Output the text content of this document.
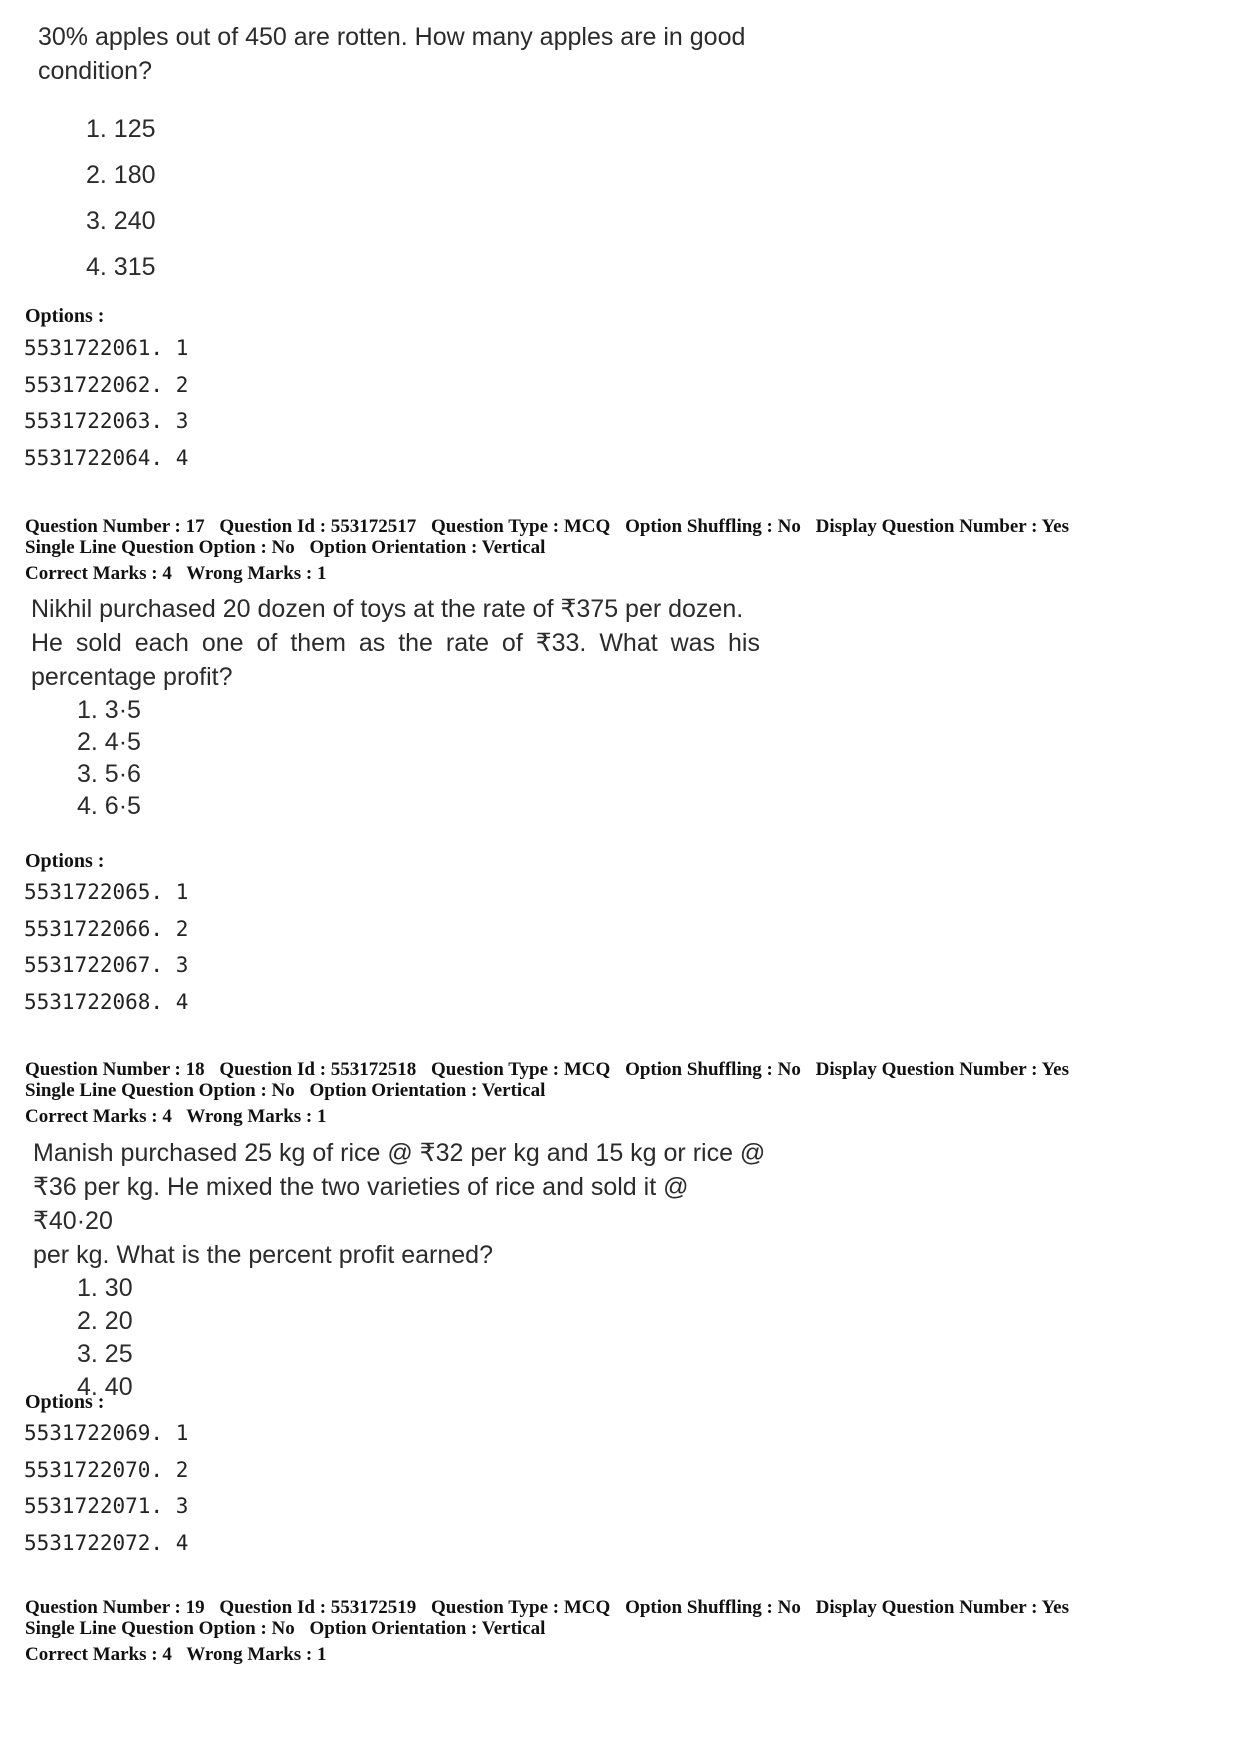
30% apples out of 450 are rotten. How many apples are in good

condition?

1. 125
2. 180
3. 240
4. 315
Options :
5531722061. 1
5531722062. 2
5531722063. 3
5531722064. 4
Question Number : 17 Question Id : 553172517 Question Type : MCQ Option Shuffling : No Display Question Number : Yes
Single Line Question Option : No Option Orientation : Vertical
Correct Marks : 4 Wrong Marks : 1

Nikhil purchased 20 dozen of toys at the rate of ₹375 per dozen.

He sold each one of them as the rate of ₹33. What was his

percentage profit?

1. 3·5
2. 4·5
3. 5·6
4. 6·5
Options :
5531722065. 1
5531722066. 2
5531722067. 3
5531722068. 4
Question Number : 18 Question Id : 553172518 Question Type : MCQ Option Shuffling : No Display Question Number : Yes
Single Line Question Option : No Option Orientation : Vertical
Correct Marks : 4 Wrong Marks : 1

Manish purchased 25 kg of rice @ ₹32 per kg and 15 kg or rice @

₹36 per kg. He mixed the two varieties of rice and sold it @ ₹40·20

per kg. What is the percent profit earned?

1. 30
2. 20
3. 25
4. 40
Options :
5531722069. 1
5531722070. 2
5531722071. 3
5531722072. 4
Question Number : 19 Question Id : 553172519 Question Type : MCQ Option Shuffling : No Display Question Number : Yes
Single Line Question Option : No Option Orientation : Vertical
Correct Marks : 4 Wrong Marks : 1
